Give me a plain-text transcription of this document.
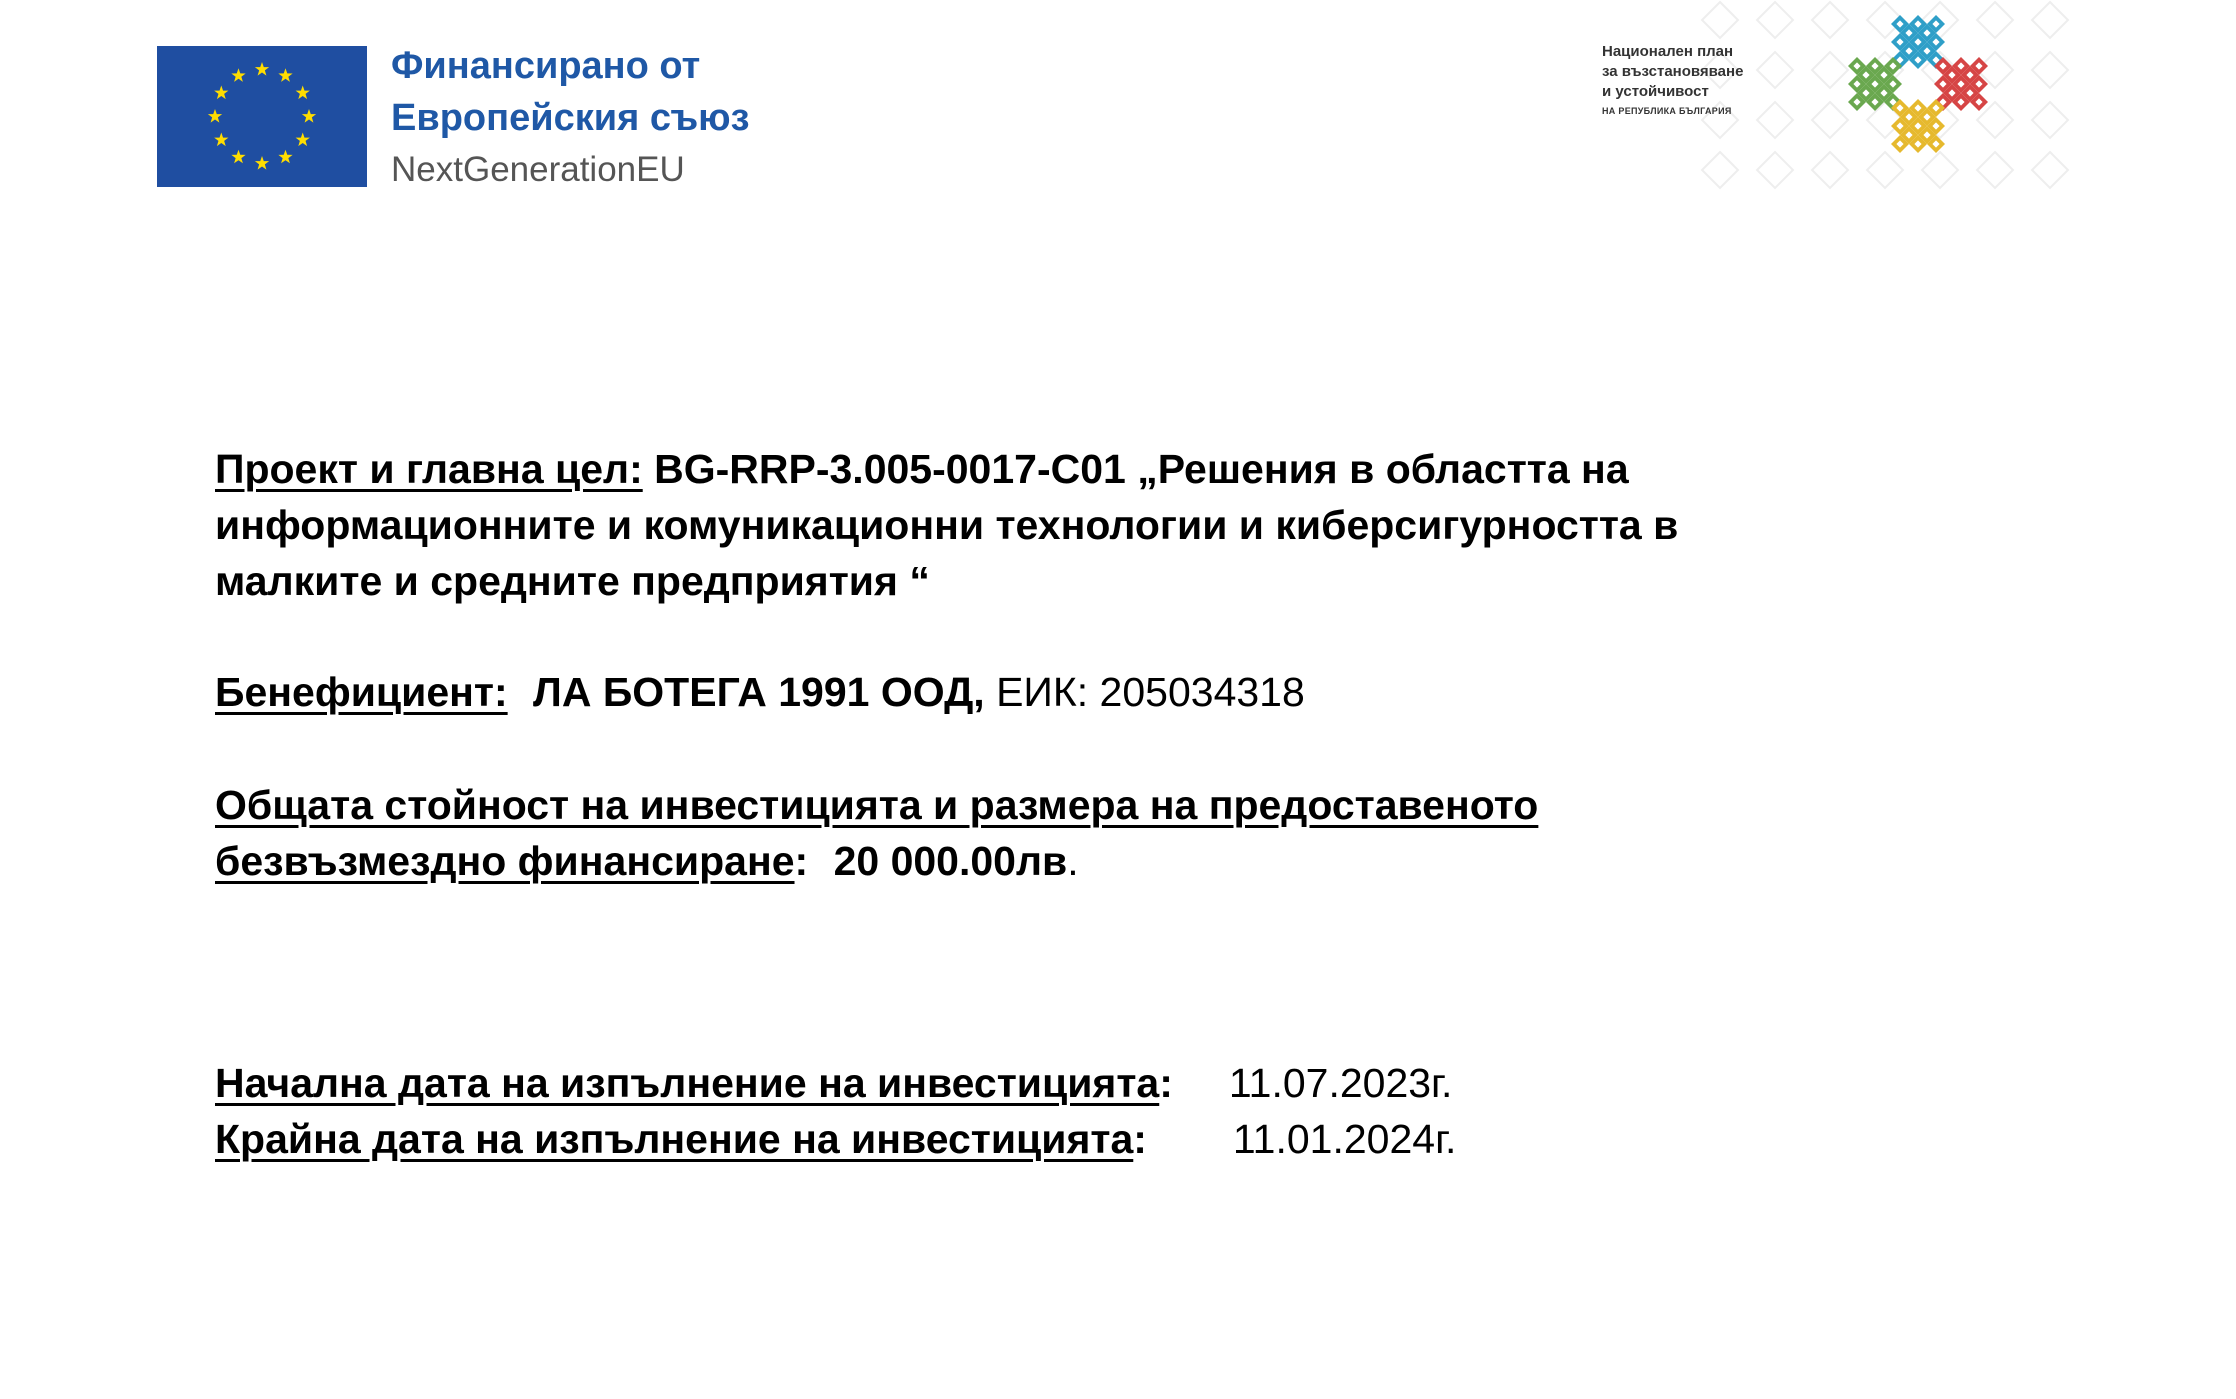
Финансирано от
Европейския съюз
NextGenerationEU
Национален план
за възстановяване
и устойчивост
НА РЕПУБЛИКА БЪЛГАРИЯ
Проект и главна цел: BG-RRP-3.005-0017-C01 „Решения в областта на
информационните и комуникационни технологии и киберсигурността в
малките и средните предприятия “
Бенефициент: ЛА БОТЕГА 1991 ООД, ЕИК: 205034318
Общата стойност на инвестицията и размера на предоставеното
безвъзмездно финансиране: 20 000.00лв.
Начална дата на изпълнение на инвестицията: 11.07.2023г.
Крайна дата на изпълнение на инвестицията: 11.01.2024г.
